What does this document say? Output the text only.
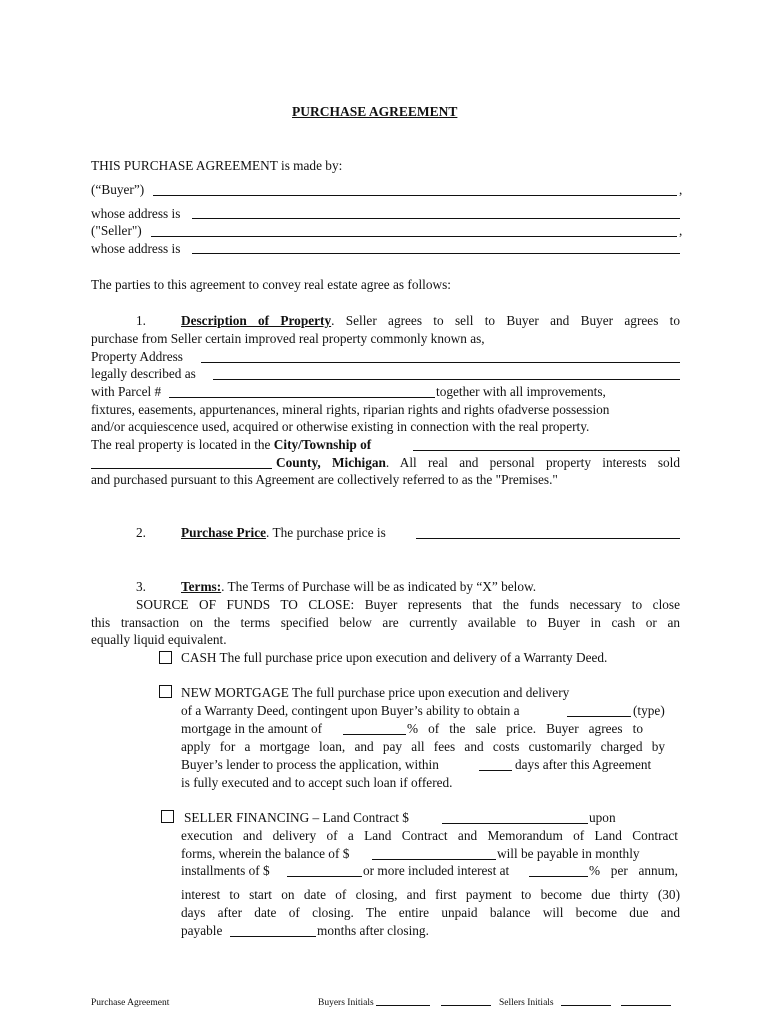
PURCHASE AGREEMENT
THIS PURCHASE AGREEMENT is made by:
(“Buyer”)	,
whose address is
("Seller")	,
whose address is
The parties to this agreement to convey real estate agree as follows:
1.	Description of Property. Seller agrees to sell to Buyer and Buyer agrees to
purchase from Seller certain improved real property commonly known as,
Property Address
legally described as
with Parcel #	together with all improvements,
fixtures, easements, appurtenances, mineral rights, riparian rights and rights ofadverse possession
and/or acquiescence used, acquired or otherwise existing in connection with the real property.
The real property is located in the City/Township of
County, Michigan. All real and personal property interests sold
and purchased pursuant to this Agreement are collectively referred to as the "Premises."
2.	Purchase Price. The purchase price is
3.	Terms:. The Terms of Purchase will be as indicated by “X” below.
SOURCE OF FUNDS TO CLOSE: Buyer represents that the funds necessary to close
this transaction on the terms specified below are currently available to Buyer in cash or an
equally liquid equivalent.
CASH The full purchase price upon execution and delivery of a Warranty Deed.
NEW MORTGAGE The full purchase price upon execution and delivery
of a Warranty Deed, contingent upon Buyer’s ability to obtain a	(type)
mortgage in the amount of	% of the sale price. Buyer agrees to
apply for a mortgage loan, and pay all fees and costs customarily charged by
Buyer’s lender to process the application, within	days after this Agreement
is fully executed and to accept such loan if offered.
SELLER FINANCING – Land Contract $	upon
execution and delivery of a Land Contract and Memorandum of Land Contract
forms, wherein the balance of $	will be payable in monthly
installments of $	or more included interest at	% per annum,
interest to start on date of closing, and first payment to become due thirty (30)
days after date of closing. The entire unpaid balance will become due and
payable	months after closing.
Purchase Agreement	Buyers Initials	Sellers Initials
